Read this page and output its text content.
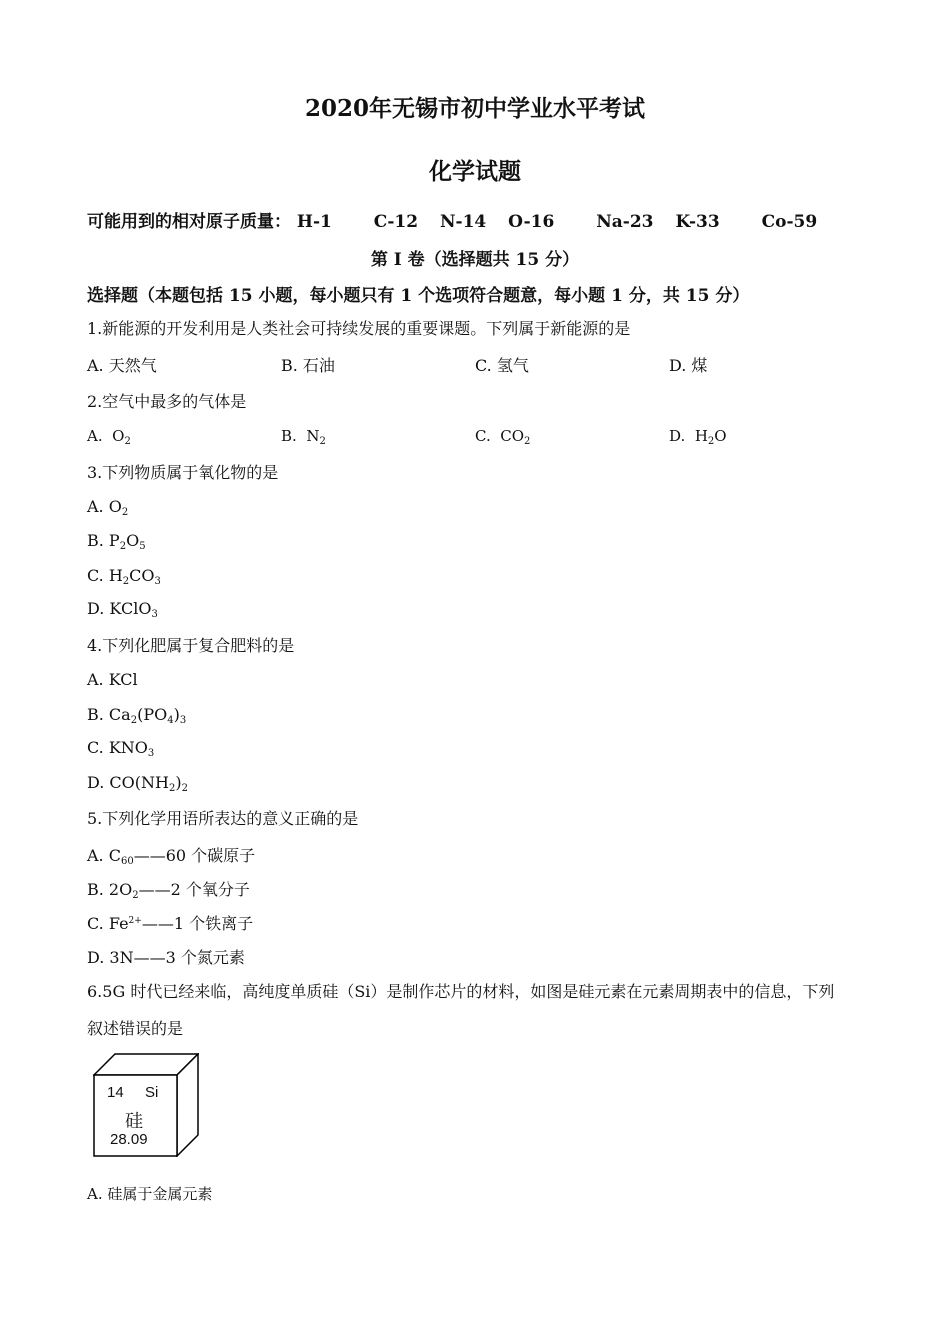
2020年无锡市初中学业水平考试
化学试题
可能用到的相对原子质量： H-1 C-12 N-14 O-16 Na-23 K-33 Co-59
第 I 卷（选择题共 15 分）
选择题（本题包括 15 小题，每小题只有 1 个选项符合题意，每小题 1 分，共 15 分）
1.新能源的开发利用是人类社会可持续发展的重要课题。下列属于新能源的是
A. 天然气	B. 石油	C. 氢气	D. 煤
2.空气中最多的气体是
A. $O_2$	B. $N_2$	C. $CO_2$	D. $H_2O$
3.下列物质属于氧化物的是
A. $O_2$
B. $P_2O_5$
C. $H_2CO_3$
D. KClO$_3$
4.下列化肥属于复合肥料的是
A. KCl
B. $Ca_2(PO_4)_3$
C. $KNO_3$
D. $CO(NH_2)_2$
5.下列化学用语所表达的意义正确的是
A. $C_{60}——60$ 个碳原子
B. $2O_2——2$ 个氧分子
C. $Fe^{2+}——1$ 个铁离子
D. 3N——3 个氮元素
6.5G 时代已经来临，高纯度单质硅（Si）是制作芯片的材料，如图是硅元素在元素周期表中的信息，下列
叙述错误的是
14 Si
硅
28.09
A. 硅属于金属元素
